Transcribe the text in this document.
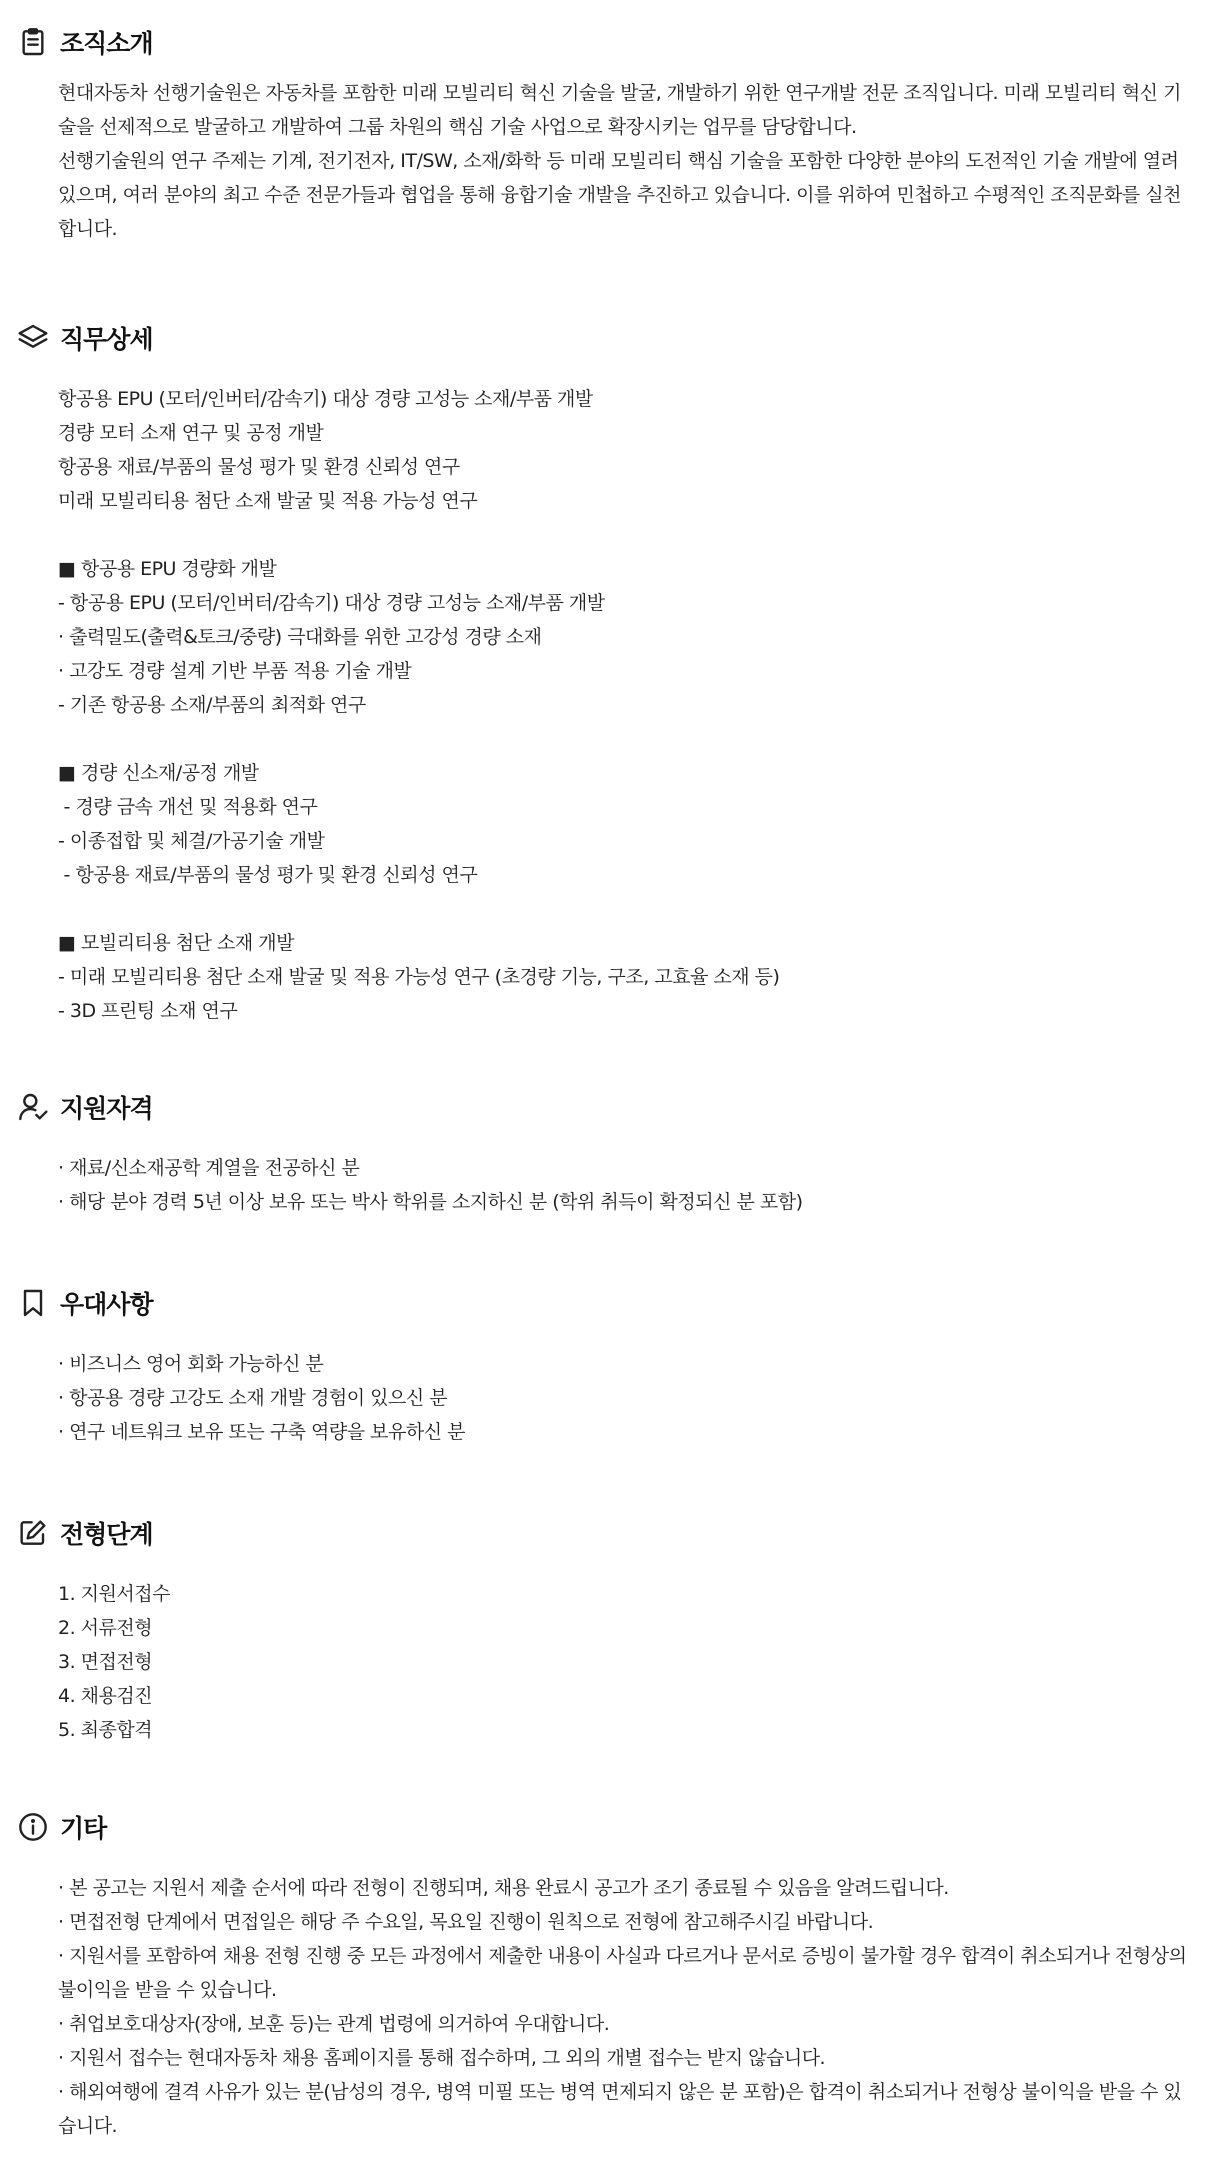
조직소개
현대자동차 선행기술원은 자동차를 포함한 미래 모빌리티 혁신 기술을 발굴, 개발하기 위한 연구개발 전문 조직입니다. 미래 모빌리티 혁신 기술을 선제적으로 발굴하고 개발하여 그룹 차원의 핵심 기술 사업으로 확장시키는 업무를 담당합니다.
선행기술원의 연구 주제는 기계, 전기전자, IT/SW, 소재/화학 등 미래 모빌리티 핵심 기술을 포함한 다양한 분야의 도전적인 기술 개발에 열려 있으며, 여러 분야의 최고 수준 전문가들과 협업을 통해 융합기술 개발을 추진하고 있습니다. 이를 위하여 민첩하고 수평적인 조직문화를 실천합니다.
직무상세
항공용 EPU (모터/인버터/감속기) 대상 경량 고성능 소재/부품 개발
경량 모터 소재 연구 및 공정 개발
항공용 재료/부품의 물성 평가 및 환경 신뢰성 연구
미래 모빌리티용 첨단 소재 발굴 및 적용 가능성 연구
■ 항공용 EPU 경량화 개발
- 항공용 EPU (모터/인버터/감속기) 대상 경량 고성능 소재/부품 개발
· 출력밀도(출력&토크/중량) 극대화를 위한 고강성 경량 소재
· 고강도 경량 설계 기반 부품 적용 기술 개발
- 기존 항공용 소재/부품의 최적화 연구
■ 경량 신소재/공정 개발
- 경량 금속 개선 및 적용화 연구
- 이종접합 및 체결/가공기술 개발
- 항공용 재료/부품의 물성 평가 및 환경 신뢰성 연구
■ 모빌리티용 첨단 소재 개발
- 미래 모빌리티용 첨단 소재 발굴 및 적용 가능성 연구 (초경량 기능, 구조, 고효율 소재 등)
- 3D 프린팅 소재 연구
지원자격
· 재료/신소재공학 계열을 전공하신 분
· 해당 분야 경력 5년 이상 보유 또는 박사 학위를 소지하신 분 (학위 취득이 확정되신 분 포함)
우대사항
· 비즈니스 영어 회화 가능하신 분
· 항공용 경량 고강도 소재 개발 경험이 있으신 분
· 연구 네트워크 보유 또는 구축 역량을 보유하신 분
전형단계
1. 지원서접수
2. 서류전형
3. 면접전형
4. 채용검진
5. 최종합격
기타
· 본 공고는 지원서 제출 순서에 따라 전형이 진행되며, 채용 완료시 공고가 조기 종료될 수 있음을 알려드립니다.
· 면접전형 단계에서 면접일은 해당 주 수요일, 목요일 진행이 원칙으로 전형에 참고해주시길 바랍니다.
· 지원서를 포함하여 채용 전형 진행 중 모든 과정에서 제출한 내용이 사실과 다르거나 문서로 증빙이 불가할 경우 합격이 취소되거나 전형상의 불이익을 받을 수 있습니다.
· 취업보호대상자(장애, 보훈 등)는 관계 법령에 의거하여 우대합니다.
· 지원서 접수는 현대자동차 채용 홈페이지를 통해 접수하며, 그 외의 개별 접수는 받지 않습니다.
· 해외여행에 결격 사유가 있는 분(남성의 경우, 병역 미필 또는 병역 면제되지 않은 분 포함)은 합격이 취소되거나 전형상 불이익을 받을 수 있습니다.
